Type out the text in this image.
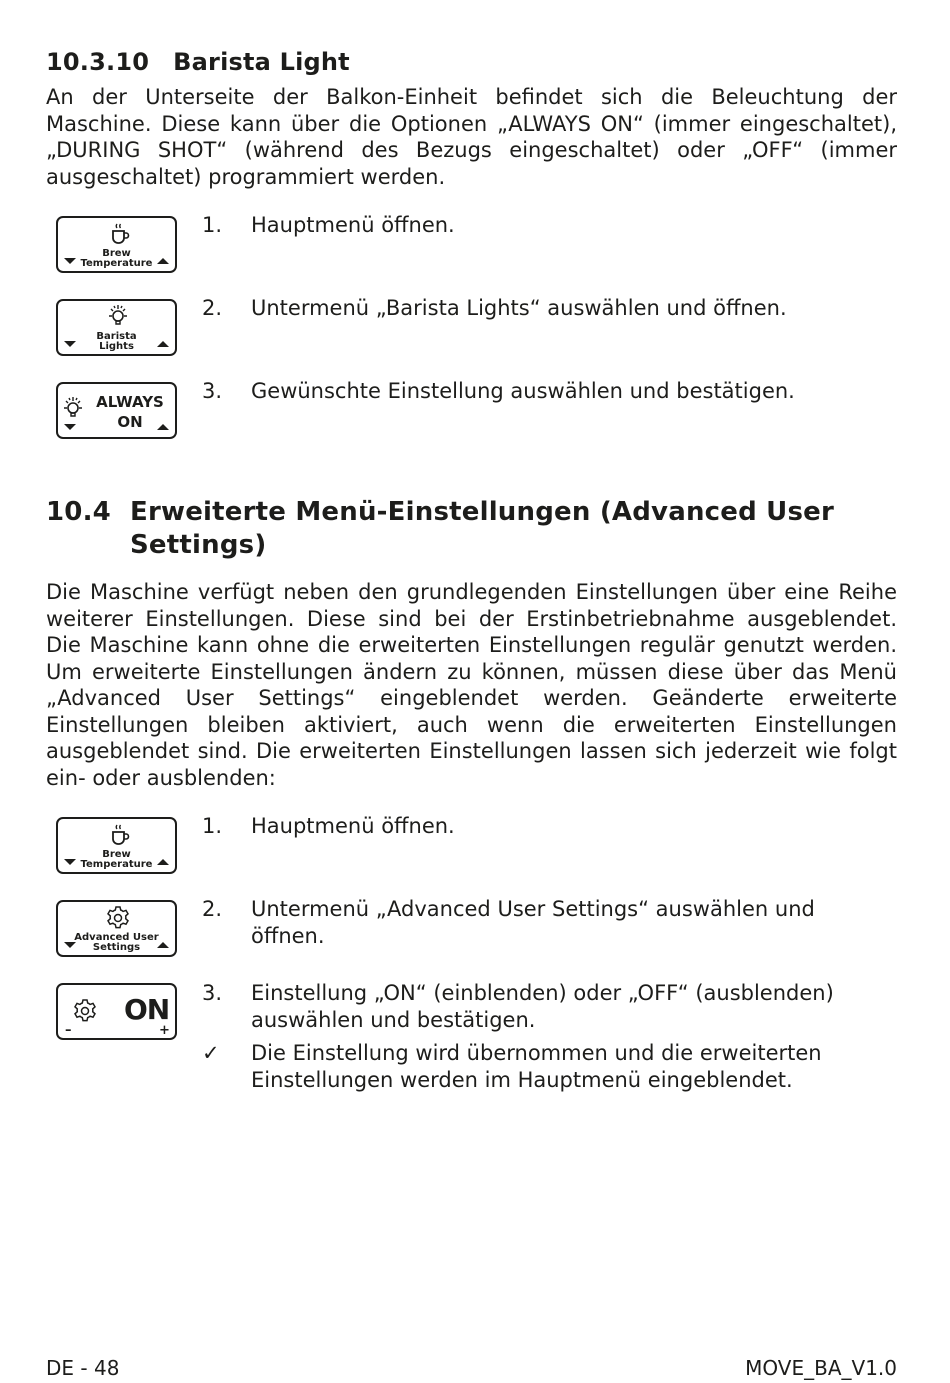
10.3.10 Barista Light

An der Unterseite der Balkon-Einheit befindet sich die Beleuchtung der Maschine. Diese kann über die Optionen „ALWAYS ON“ (immer eingeschaltet), „DURING SHOT“ (während des Bezugs eingeschaltet) oder „OFF“ (immer ausgeschaltet) programmiert werden.

Brew
Temperature
1. Hauptmenü öffnen.
Barista
Lights
2. Untermenü „Barista Lights“ auswählen und öffnen.
ALWAYS
ON
3. Gewünschte Einstellung auswählen und bestätigen.
10.4 Erweiterte Menü-Einstellungen (Advanced User
Settings)

Die Maschine verfügt neben den grundlegenden Einstellungen über eine Reihe weiterer Einstellungen. Diese sind bei der Erstinbetriebnahme ausgeblendet. Die Maschine kann ohne die erweiterten Einstellungen regulär genutzt werden. Um erweiterte Einstellungen ändern zu können, müssen diese über das Menü „Advanced User Settings“ eingeblendet werden. Geänderte erweiterte Einstellungen bleiben aktiviert, auch wenn die erweiterten Einstellungen ausgeblendet sind. Die erweiterten Einstellungen lassen sich jederzeit wie folgt ein- oder ausblenden:

Brew
Temperature
1. Hauptmenü öffnen.
Advanced User
Settings
2. Untermenü „Advanced User Settings“ auswählen und öffnen.
ON
–	+
3. Einstellung „ON“ (einblenden) oder „OFF“ (ausblenden) auswählen und bestätigen.
✓ Die Einstellung wird übernommen und die erweiterten Einstellungen werden im Hauptmenü eingeblendet.
DE - 48	MOVE_BA_V1.0
